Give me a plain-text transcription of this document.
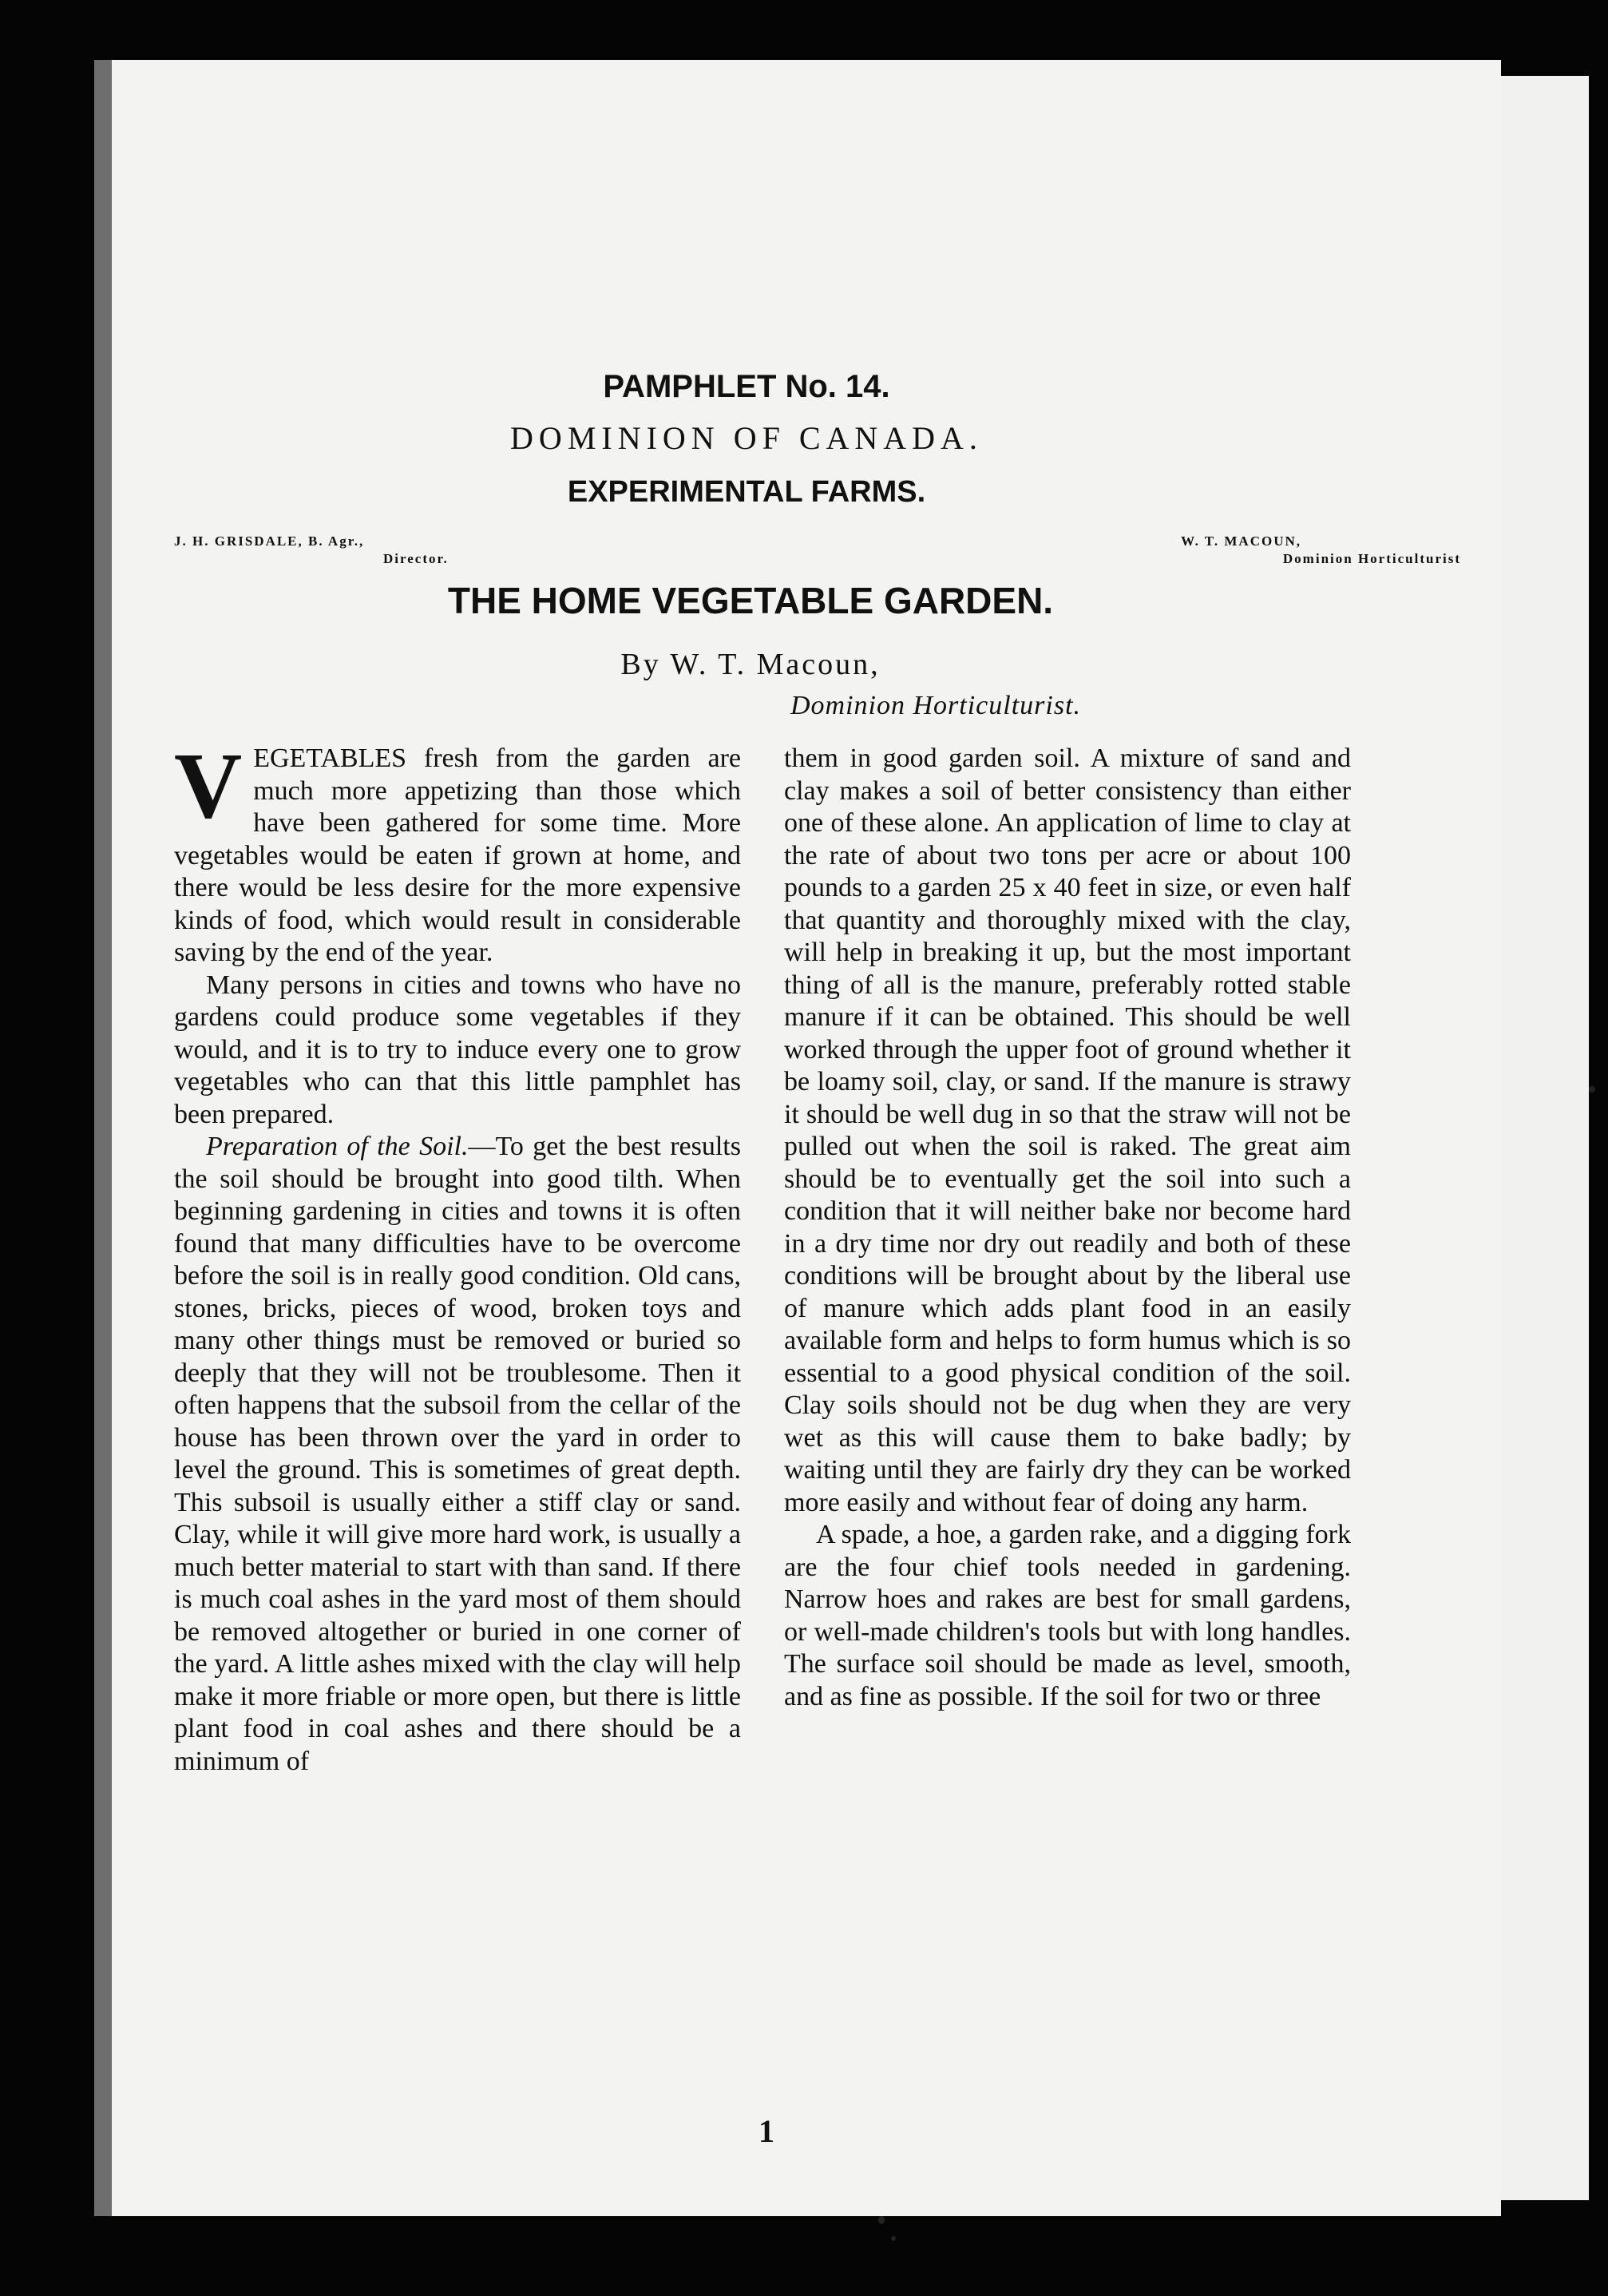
PAMPHLET No. 14.
DOMINION OF CANADA.
EXPERIMENTAL FARMS.
J. H. GRISDALE, B. Agr.,
Director.
W. T. MACOUN,
Dominion Horticulturist
THE HOME VEGETABLE GARDEN.
By W. T. Macoun,
Dominion Horticulturist.

VEGETABLES fresh from the garden are much more appetizing than those which have been gathered for some time. More vegetables would be eaten if grown at home, and there would be less desire for the more expensive kinds of food, which would result in considerable saving by the end of the year.

Many persons in cities and towns who have no gardens could produce some vegetables if they would, and it is to try to induce every one to grow vegetables who can that this little pamphlet has been prepared.

Preparation of the Soil.—To get the best results the soil should be brought into good tilth. When beginning gardening in cities and towns it is often found that many difficulties have to be overcome before the soil is in really good condition. Old cans, stones, bricks, pieces of wood, broken toys and many other things must be removed or buried so deeply that they will not be troublesome. Then it often happens that the subsoil from the cellar of the house has been thrown over the yard in order to level the ground. This is sometimes of great depth. This subsoil is usually either a stiff clay or sand. Clay, while it will give more hard work, is usually a much better material to start with than sand. If there is much coal ashes in the yard most of them should be removed altogether or buried in one corner of the yard. A little ashes mixed with the clay will help make it more friable or more open, but there is little plant food in coal ashes and there should be a minimum of

them in good garden soil. A mixture of sand and clay makes a soil of better consistency than either one of these alone. An application of lime to clay at the rate of about two tons per acre or about 100 pounds to a garden 25 x 40 feet in size, or even half that quantity and thoroughly mixed with the clay, will help in breaking it up, but the most important thing of all is the manure, preferably rotted stable manure if it can be obtained. This should be well worked through the upper foot of ground whether it be loamy soil, clay, or sand. If the manure is strawy it should be well dug in so that the straw will not be pulled out when the soil is raked. The great aim should be to eventually get the soil into such a condition that it will neither bake nor become hard in a dry time nor dry out readily and both of these conditions will be brought about by the liberal use of manure which adds plant food in an easily available form and helps to form humus which is so essential to a good physical condition of the soil. Clay soils should not be dug when they are very wet as this will cause them to bake badly; by waiting until they are fairly dry they can be worked more easily and without fear of doing any harm.

A spade, a hoe, a garden rake, and a digging fork are the four chief tools needed in gardening. Narrow hoes and rakes are best for small gardens, or well-made children's tools but with long handles. The surface soil should be made as level, smooth, and as fine as possible. If the soil for two or three

1
